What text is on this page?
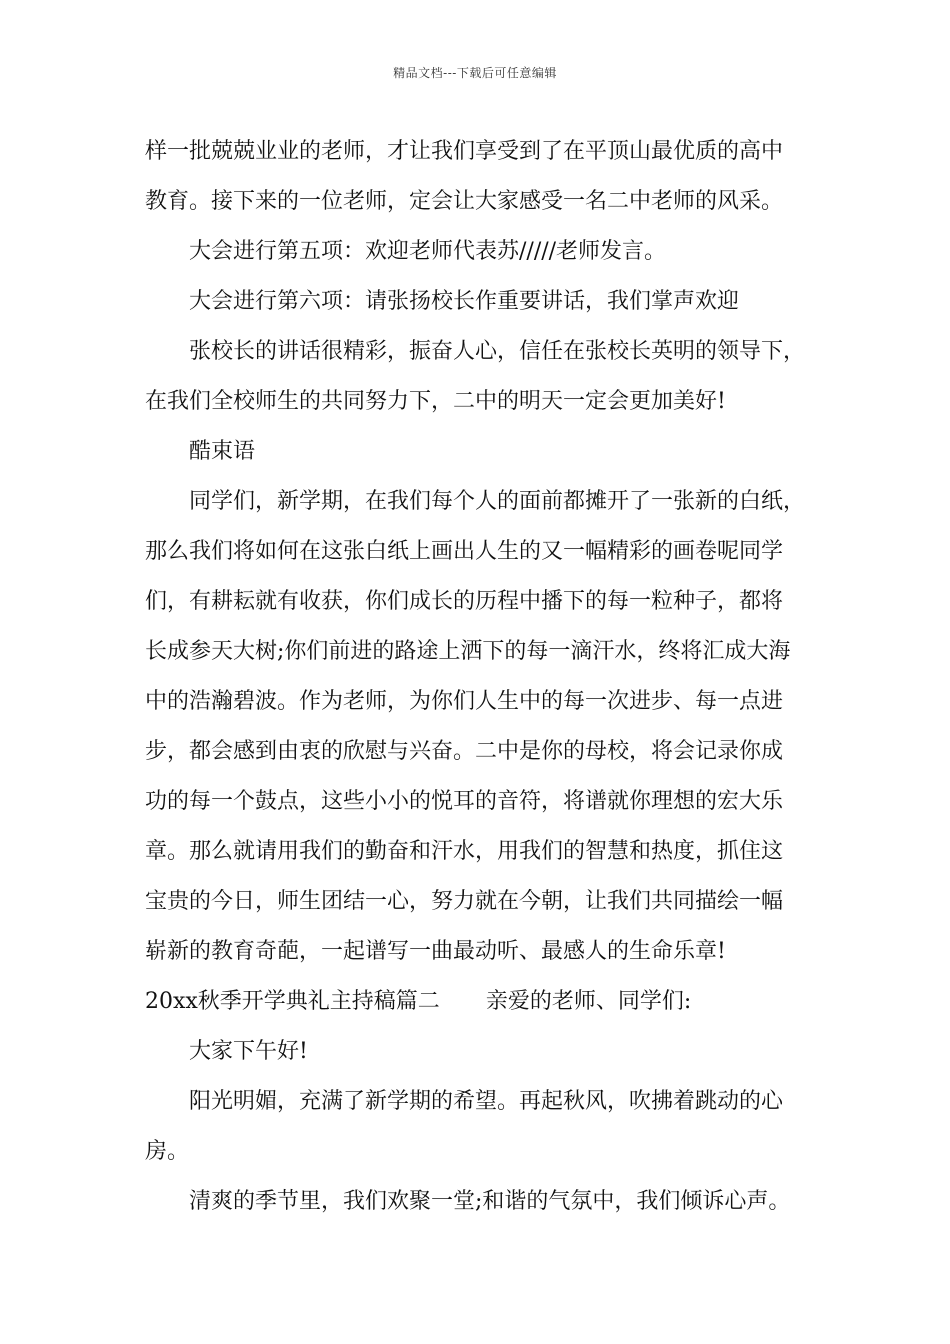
精品文档---下载后可任意编辑
样一批兢兢业业的老师，才让我们享受到了在平顶山最优质的高中
教育。接下来的一位老师，定会让大家感受一名二中老师的风采。
大会进行第五项：欢迎老师代表苏/////老师发言。
大会进行第六项：请张扬校长作重要讲话，我们掌声欢迎
张校长的讲话很精彩，振奋人心，信任在张校长英明的领导下，
在我们全校师生的共同努力下，二中的明天一定会更加美好!
酷束语
同学们，新学期，在我们每个人的面前都摊开了一张新的白纸，
那么我们将如何在这张白纸上画出人生的又一幅精彩的画卷呢同学
们，有耕耘就有收获，你们成长的历程中播下的每一粒种子，都将
长成参天大树;你们前进的路途上洒下的每一滴汗水，终将汇成大海
中的浩瀚碧波。作为老师，为你们人生中的每一次进步、每一点进
步，都会感到由衷的欣慰与兴奋。二中是你的母校，将会记录你成
功的每一个鼓点，这些小小的悦耳的音符，将谱就你理想的宏大乐
章。那么就请用我们的勤奋和汗水，用我们的智慧和热度，抓住这
宝贵的今日，师生团结一心，努力就在今朝，让我们共同描绘一幅
崭新的教育奇葩，一起谱写一曲最动听、最感人的生命乐章!
20xx秋季开学典礼主持稿篇二 亲爱的老师、同学们:
大家下午好!
阳光明媚，充满了新学期的希望。再起秋风，吹拂着跳动的心
房。
清爽的季节里，我们欢聚一堂;和谐的气氛中，我们倾诉心声。
